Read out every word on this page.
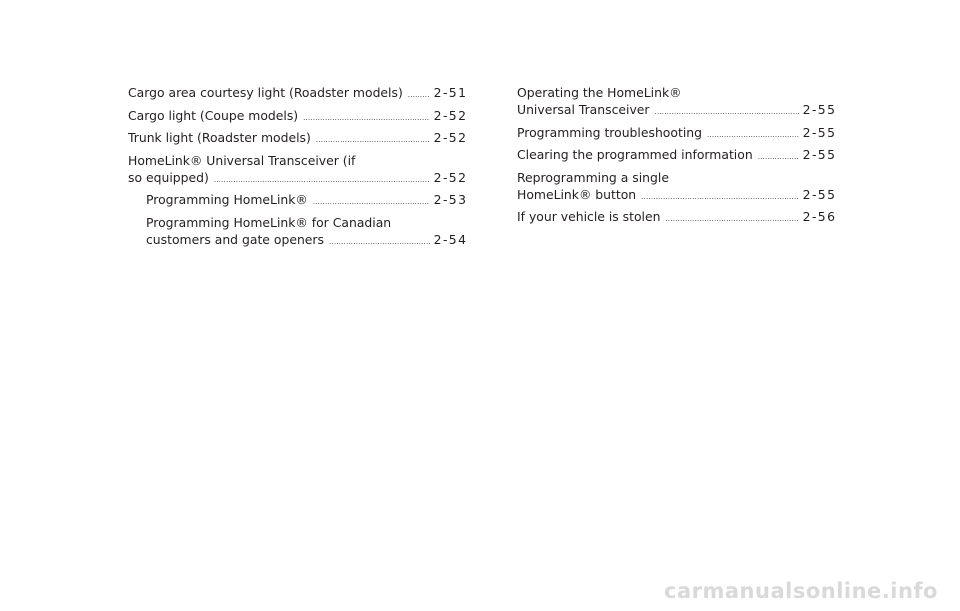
Cargo area courtesy light (Roadster models) ..... 2-51
Cargo light (Coupe models) .....	2-52
Trunk light (Roadster models) .....	2-52
HomeLink® Universal Transceiver (if
so equipped) .....	2-52
Programming HomeLink® .....	2-53
Programming HomeLink® for Canadian
customers and gate openers .....	2-54
Operating the HomeLink®
Universal Transceiver .....	2-55
Programming troubleshooting .....	2-55
Clearing the programmed information .....	2-55
Reprogramming a single
HomeLink® button .....	2-55
If your vehicle is stolen .....	2-56
carmanualsonline.info
